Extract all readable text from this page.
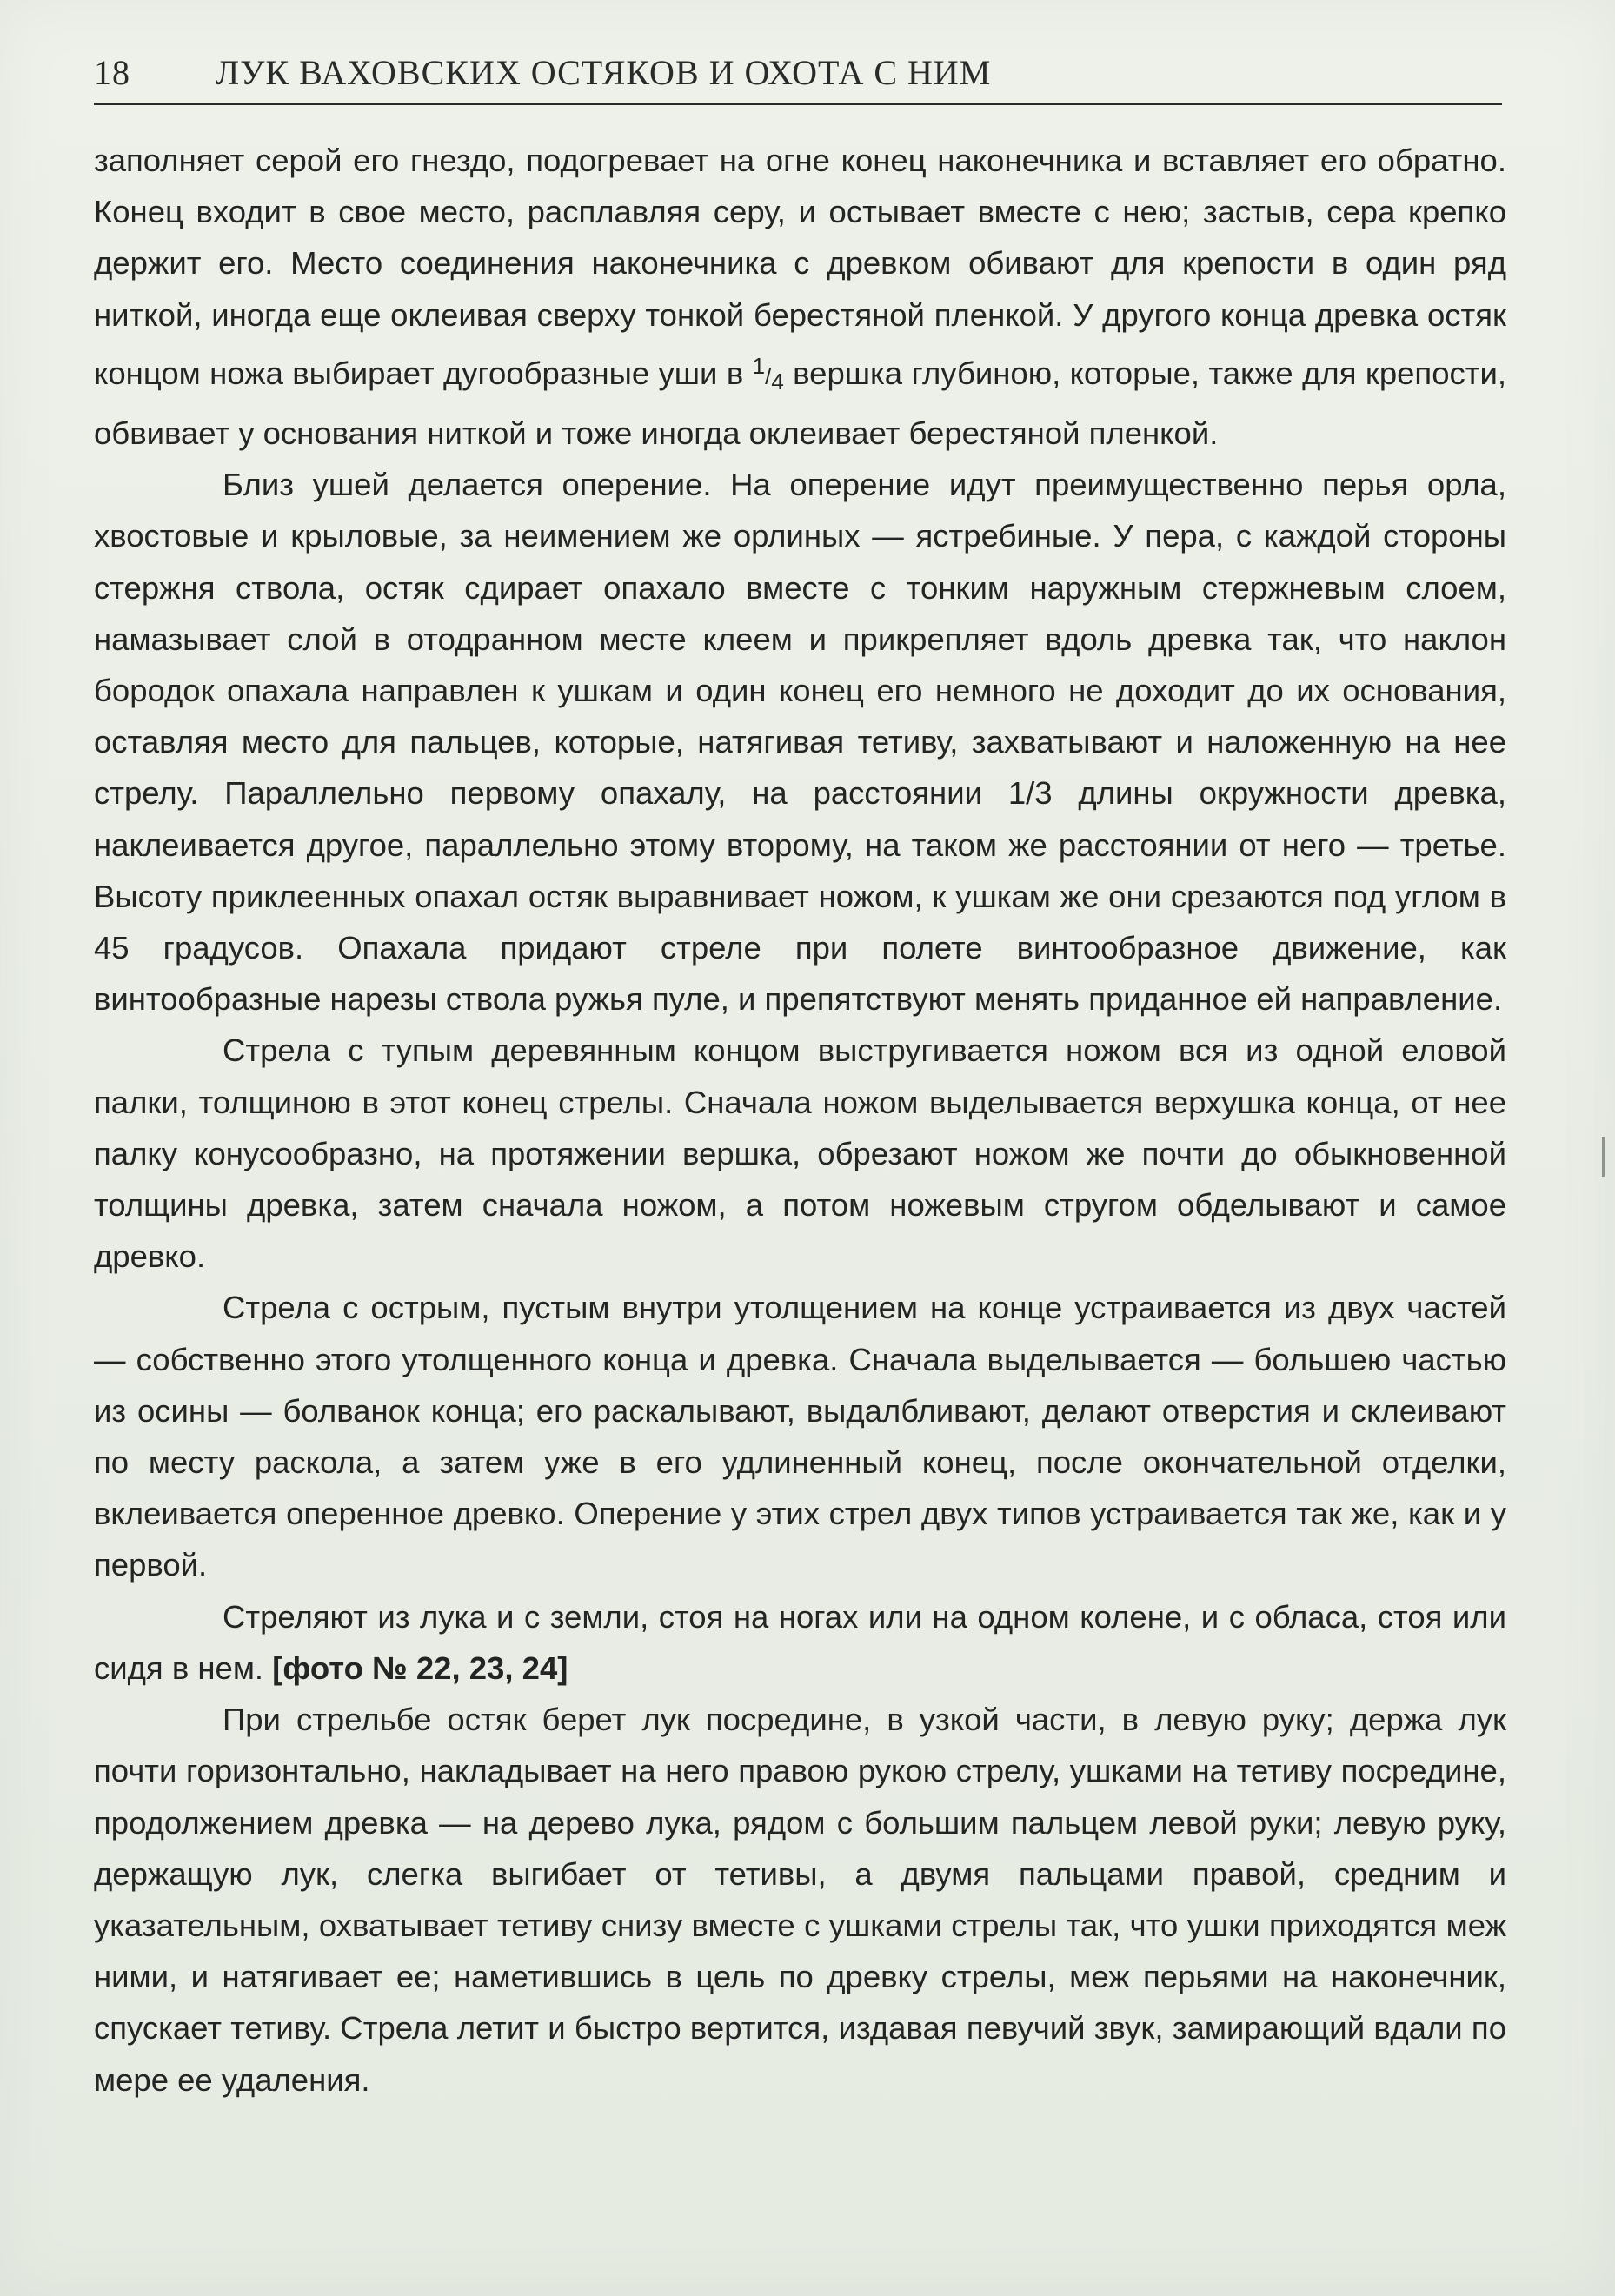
18 ЛУК ВАХОВСКИХ ОСТЯКОВ И ОХОТА С НИМ

заполняет серой его гнездо, подогревает на огне конец наконечника и вставляет его обратно. Конец входит в свое место, расплавляя серу, и остывает вместе с нею; застыв, сера крепко держит его. Место соединения наконечника с древком обивают для крепости в один ряд ниткой, иногда еще оклеивая сверху тонкой берестяной пленкой. У другого конца древка остяк концом ножа выбирает дугообразные уши в $^1/_4$ вершка глубиною, которые, также для крепости, обвивает у основания ниткой и тоже иногда оклеивает берестяной пленкой.

Близ ушей делается оперение. На оперение идут преимущественно перья орла, хвостовые и крыловые, за неимением же орлиных — ястребиные. У пера, с каждой стороны стержня ствола, остяк сдирает опахало вместе с тонким наружным стержневым слоем, намазывает слой в отодранном месте клеем и прикрепляет вдоль древка так, что наклон бородок опахала направлен к ушкам и один конец его немного не доходит до их основания, оставляя место для пальцев, которые, натягивая тетиву, захватывают и наложенную на нее стрелу. Параллельно первому опахалу, на расстоянии 1/3 длины окружности древка, наклеивается другое, параллельно этому второму, на таком же расстоянии от него — третье. Высоту приклеенных опахал остяк выравнивает ножом, к ушкам же они срезаются под углом в 45 градусов. Опахала придают стреле при полете винтообразное движение, как винтообразные нарезы ствола ружья пуле, и препятствуют менять приданное ей направление.

Стрела с тупым деревянным концом выстругивается ножом вся из одной еловой палки, толщиною в этот конец стрелы. Сначала ножом выделывается верхушка конца, от нее палку конусообразно, на протяжении вершка, обрезают ножом же почти до обыкновенной толщины древка, затем сначала ножом, а потом ножевым стругом обделывают и самое древко.

Стрела с острым, пустым внутри утолщением на конце устраивается из двух частей — собственно этого утолщенного конца и древка. Сначала выделывается — большею частью из осины — болванок конца; его раскалывают, выдалбливают, делают отверстия и склеивают по месту раскола, а затем уже в его удлиненный конец, после окончательной отделки, вклеивается оперенное древко. Оперение у этих стрел двух типов устраивается так же, как и у первой.

Стреляют из лука и с земли, стоя на ногах или на одном колене, и с обласа, стоя или сидя в нем. [фото № 22, 23, 24]

При стрельбе остяк берет лук посредине, в узкой части, в левую руку; держа лук почти горизонтально, накладывает на него правою рукою стрелу, ушками на тетиву посредине, продолжением древка — на дерево лука, рядом с большим пальцем левой руки; левую руку, держащую лук, слегка выгибает от тетивы, а двумя пальцами правой, средним и указательным, охватывает тетиву снизу вместе с ушками стрелы так, что ушки приходятся меж ними, и натягивает ее; наметившись в цель по древку стрелы, меж перьями на наконечник, спускает тетиву. Стрела летит и быстро вертится, издавая певучий звук, замирающий вдали по мере ее удаления.
